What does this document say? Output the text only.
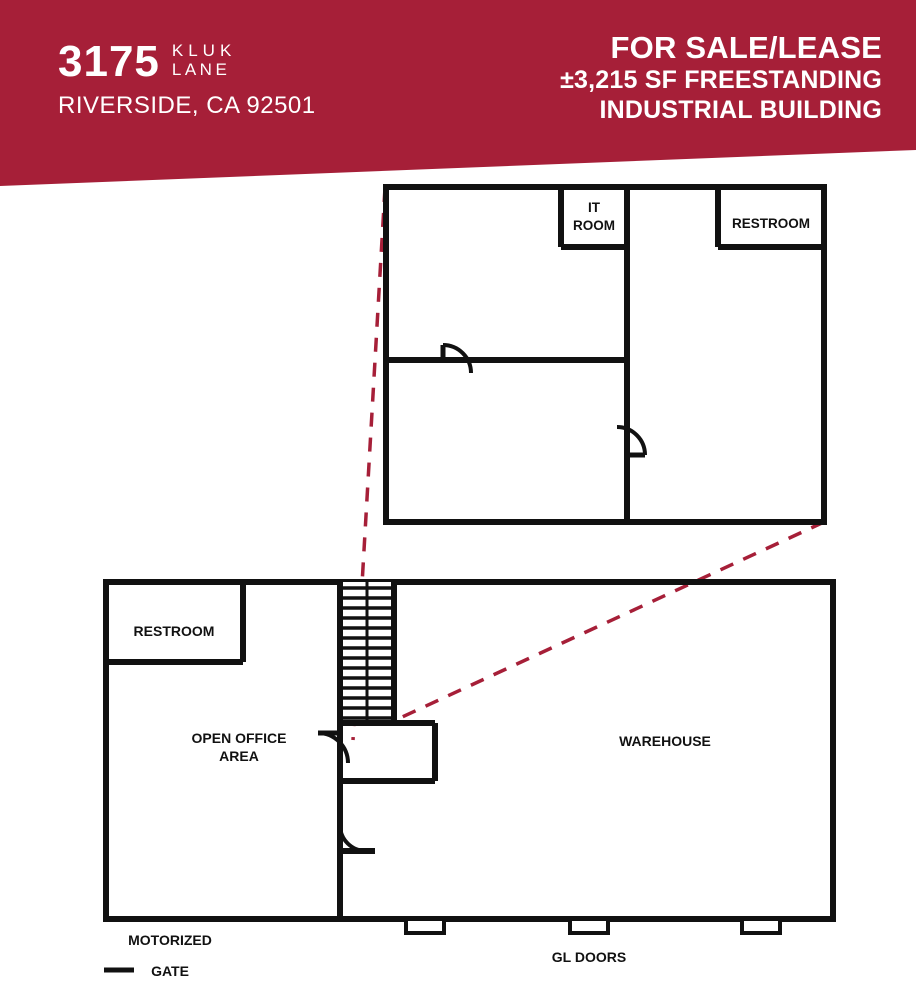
3175 KLUK
LANE
RIVERSIDE, CA 92501
FOR SALE/LEASE
±3,215 SF FREESTANDING
INDUSTRIAL BUILDING
IT
ROOM	RESTROOM
RESTROOM
OPEN OFFICE
AREA
WAREHOUSE
MOTORIZED
GATE
GL DOORS
